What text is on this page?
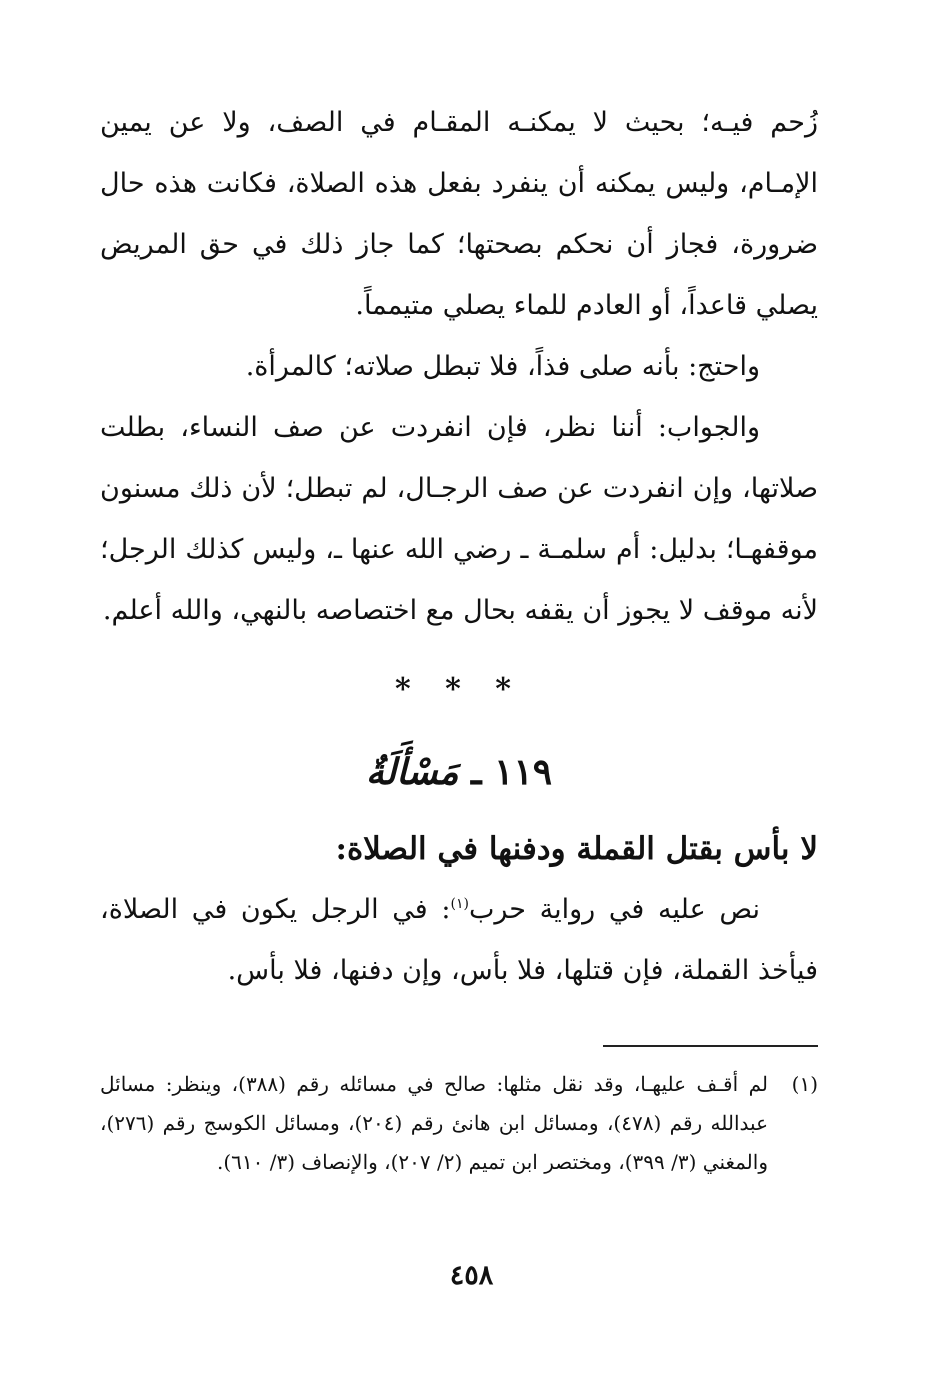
زُحم فيـه؛ بحيث لا يمكنـه المقـام في الصف، ولا عن يمين الإمـام، وليس يمكنه أن ينفرد بفعل هذه الصلاة، فكانت هذه حال ضرورة، فجاز أن نحكم بصحتها؛ كما جاز ذلك في حق المريض يصلي قاعداً، أو العادم للماء يصلي متيمماً.

واحتج: بأنه صلى فذاً، فلا تبطل صلاته؛ كالمرأة.

والجواب: أننا نظر، فإن انفردت عن صف النساء، بطلت صلاتها، وإن انفردت عن صف الرجـال، لم تبطل؛ لأن ذلك مسنون موقفهـا؛ بدليل: أم سلمـة ـ رضي الله عنها ـ، وليس كذلك الرجل؛ لأنه موقف لا يجوز أن يقفه بحال مع اختصاصه بالنهي، والله أعلم.

* * *
١١٩ ـ مَسْأَلَةٌ
لا بأس بقتل القملة ودفنها في الصلاة:

نص عليه في رواية حرب$^{(١)}$: في الرجل يكون في الصلاة، فيأخذ القملة، فإن قتلها، فلا بأس، وإن دفنها، فلا بأس.

(١)
لم أقـف عليهـا، وقد نقل مثلها: صالح في مسائله رقم (٣٨٨)، وينظر: مسائل عبدالله رقم (٤٧٨)، ومسائل ابن هانئ رقم (٢٠٤)، ومسائل الكوسج رقم (٢٧٦)، والمغني (٣/ ٣٩٩)، ومختصر ابن تميم (٢/ ٢٠٧)، والإنصاف (٣/ ٦١٠).
٤٥٨
